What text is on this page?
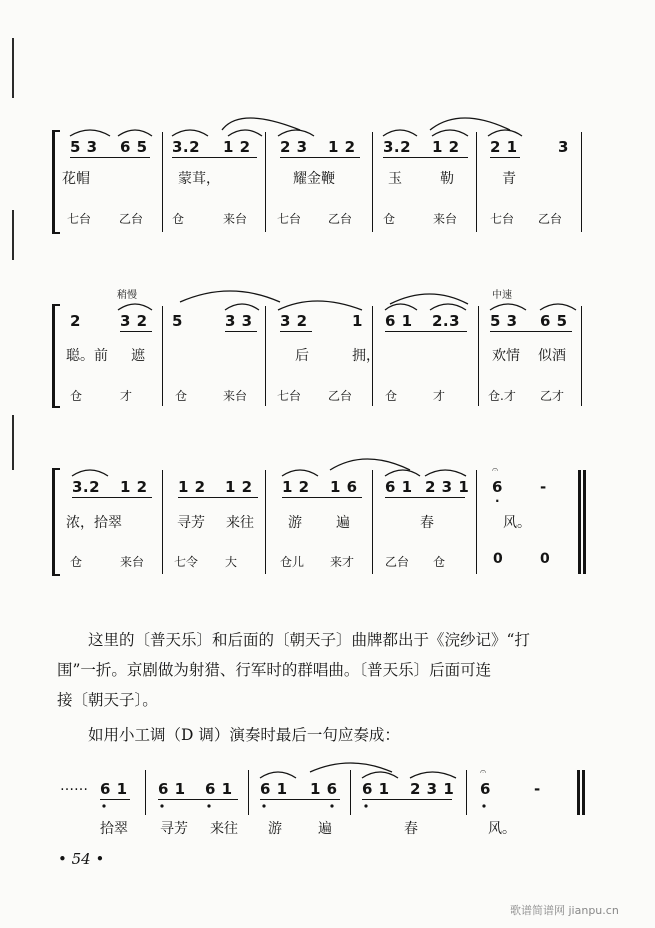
5 3 6 5 3.2 1 2 2 3 1 2 3.2 1 2 2 1	3
花帽	蒙茸，	耀金鞭	玉	勒	青
七台 乙台 仓	来台 七台 乙台	仓	来台	七台 乙台
稍慢	中速
2	3 2 5	3 3 3 2	1 6 1 2.3 5 3 6 5
聪。前 遮	后	拥，	欢情 似酒
仓	才	仓	来台 七台 乙台	仓	才	仓.才 乙才
3.2 1 2 1 2 1 2 1 2 1 6 6 1 2 3 1 6 -
𝄐
·
浓，拾翠	寻芳 来往 游 遍	春	风。
仓	来台 七令 大	仓儿 来才	乙台 仓	0	0
这里的〔普天乐〕和后面的〔朝天子〕曲牌都出于《浣纱记》“打
围”一折。京剧做为射猎、行军时的群唱曲。〔普天乐〕后面可连
接〔朝天子〕。
如用小工调（D 调）演奏时最后一句应奏成：
…… 6 1 6 1 6 1 6 1 1 6 6 1 2 3 1 6	-
𝄐
拾翠 寻芳 来往 游	遍	春	风。
• 54 •
歌谱简谱网 jianpu.cn
